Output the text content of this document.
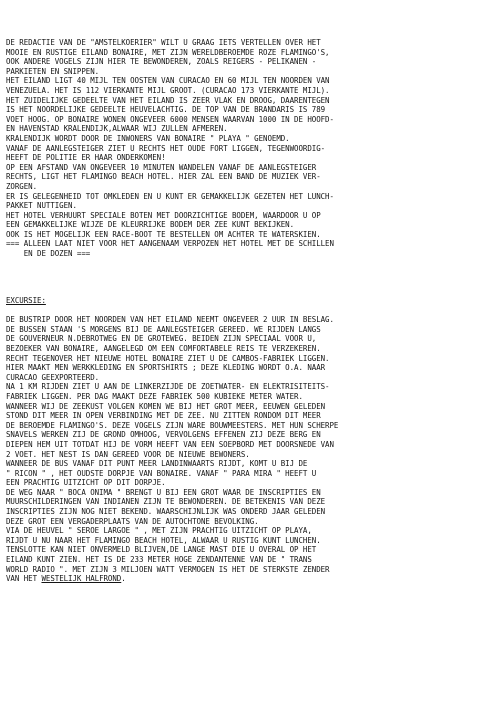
DE REDACTIE VAN DE "AMSTELKOERIER" WILT U GRAAG IETS VERTELLEN OVER HET
MOOIE EN RUSTIGE EILAND BONAIRE, MET ZIJN WERELDBEROEMDE ROZE FLAMINGO'S,
OOK ANDERE VOGELS ZIJN HIER TE BEWONDEREN, ZOALS REIGERS - PELIKANEN -
PARKIETEN EN SNIPPEN.
HET EILAND LIGT 40 MIJL TEN OOSTEN VAN CURACAO EN 60 MIJL TEN NOORDEN VAN
VENEZUELA. HET IS 112 VIERKANTE MIJL GROOT. (CURACAO 173 VIERKANTE MIJL).
HET ZUIDELIJKE GEDEELTE VAN HET EILAND IS ZEER VLAK EN DROOG, DAARENTEGEN
IS HET NOORDELIJKE GEDEELTE HEUVELACHTIG. DE TOP VAN DE BRANDARIS IS 789
VOET HOOG. OP BONAIRE WONEN ONGEVEER 6000 MENSEN WAARVAN 1000 IN DE HOOFD-
EN HAVENSTAD KRALENDIJK,ALWAAR WIJ ZULLEN AFMEREN.
KRALENDIJK WORDT DOOR DE INWONERS VAN BONAIRE " PLAYA " GENOEMD.
VANAF DE AANLEGSTEIGER ZIET U RECHTS HET OUDE FORT LIGGEN, TEGENWOORDIG-
HEEFT DE POLITIE ER HAAR ONDERKOMEN!
OP EEN AFSTAND VAN ONGEVEER 10 MINUTEN WANDELEN VANAF DE AANLEGSTEIGER
RECHTS, LIGT HET FLAMINGO BEACH HOTEL. HIER ZAL EEN BAND DE MUZIEK VER-
ZORGEN.
ER IS GELEGENHEID TOT OMKLEDEN EN U KUNT ER GEMAKKELIJK GEZETEN HET LUNCH-
PAKKET NUTTIGEN.
HET HOTEL VERHUURT SPECIALE BOTEN MET DOORZICHTIGE BODEM, WAARDOOR U OP
EEN GEMAKKELIJKE WIJZE DE KLEURRIJKE BODEM DER ZEE KUNT BEKIJKEN.
OOK IS HET MOGELIJK EEN RACE-BOOT TE BESTELLEN OM ACHTER TE WATERSKIEN.
=== ALLEEN LAAT NIET VOOR HET AANGENAAM VERPOZEN HET HOTEL MET DE SCHILLEN
EN DE DOZEN ===
EXCURSIE:

DE BUSTRIP DOOR HET NOORDEN VAN HET EILAND NEEMT ONGEVEER 2 UUR IN BESLAG.
DE BUSSEN STAAN 'S MORGENS BIJ DE AANLEGSTEIGER GEREED. WE RIJDEN LANGS
DE GOUVERNEUR N.DEBROTWEG EN DE GROTEWEG. BEIDEN ZIJN SPECIAAL VOOR U,
BEZOEKER VAN BONAIRE, AANGELEGD OM EEN COMFORTABELE REIS TE VERZEKEREN.
RECHT TEGENOVER HET NIEUWE HOTEL BONAIRE ZIET U DE CAMBOS-FABRIEK LIGGEN.
HIER MAAKT MEN WERKKLEDING EN SPORTSHIRTS ; DEZE KLEDING WORDT O.A. NAAR
CURACAO GEEXPORTEERD.
NA 1 KM RIJDEN ZIET U AAN DE LINKERZIJDE DE ZOETWATER- EN ELEKTRISITEITS-
FABRIEK LIGGEN. PER DAG MAAKT DEZE FABRIEK 500 KUBIEKE METER WATER.
WANNEER WIJ DE ZEEKUST VOLGEN KOMEN WE BIJ HET GROT MEER, EEUWEN GELEDEN
STOND DIT MEER IN OPEN VERBINDING MET DE ZEE. NU ZITTEN RONDOM DIT MEER
DE BEROEMDE FLAMINGO'S. DEZE VOGELS ZIJN WARE BOUWMEESTERS. MET HUN SCHERPE
SNAVELS WERKEN ZIJ DE GROND OMHOOG, VERVOLGENS EFFENEN ZIJ DEZE BERG EN
DIEPEN HEM UIT TOTDAT HIJ DE VORM HEEFT VAN EEN SOEPBORD MET DOORSNEDE VAN
2 VOET. HET NEST IS DAN GEREED VOOR DE NIEUWE BEWONERS.
WANNEER DE BUS VANAF DIT PUNT MEER LANDINWAARTS RIJDT, KOMT U BIJ DE
" RICON " , HET OUDSTE DORPJE VAN BONAIRE. VANAF " PARA MIRA " HEEFT U
EEN PRACHTIG UITZICHT OP DIT DORPJE.
DE WEG NAAR " BOCA ONIMA " BRENGT U BIJ EEN GROT WAAR DE INSCRIPTIES EN
MUURSCHILDERINGEN VAN INDIANEN ZIJN TE BEWONDEREN. DE BETEKENIS VAN DEZE
INSCRIPTIES ZIJN NOG NIET BEKEND. WAARSCHIJNLIJK WAS ONDERD JAAR GELEDEN
DEZE GROT EEN VERGADERPLAATS VAN DE AUTOCHTONE BEVOLKING.
VIA DE HEUVEL " SEROE LARGOE " , MET ZIJN PRACHTIG UITZICHT OP PLAYA,
RIJDT U NU NAAR HET FLAMINGO BEACH HOTEL, ALWAAR U RUSTIG KUNT LUNCHEN.
TENSLOTTE KAN NIET ONVERMELD BLIJVEN,DE LANGE MAST DIE U OVERAL OP HET
EILAND KUNT ZIEN. HET IS DE 233 METER HOGE ZENDANTENNE VAN DE " TRANS
WORLD RADIO ". MET ZIJN 3 MILJOEN WATT VERMOGEN IS HET DE STERKSTE ZENDER
VAN HET WESTELIJK HALFROND.
